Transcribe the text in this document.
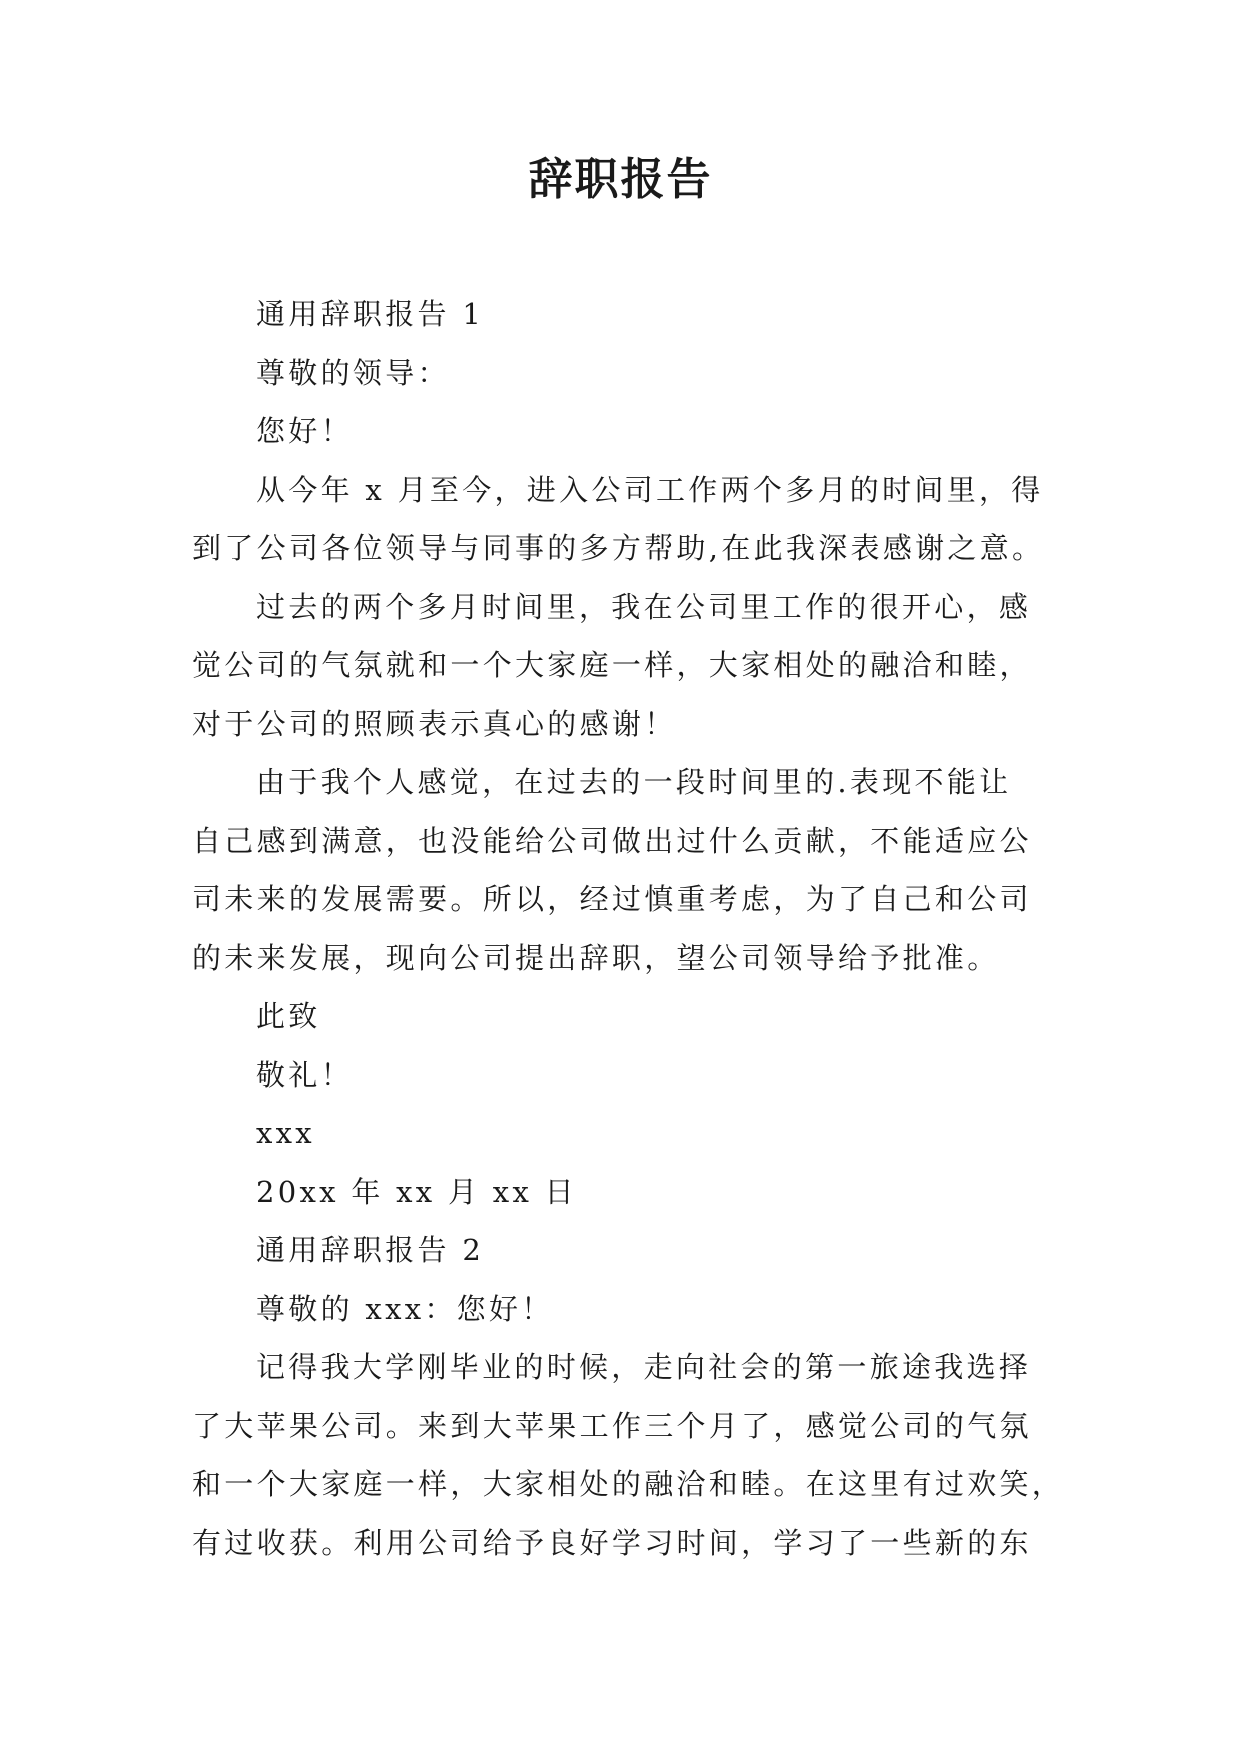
辞职报告

通用辞职报告 1

尊敬的领导：

您好！

从今年 x 月至今，进入公司工作两个多月的时间里，得
到了公司各位领导与同事的多方帮助,在此我深表感谢之意。

过去的两个多月时间里，我在公司里工作的很开心，感
觉公司的气氛就和一个大家庭一样，大家相处的融洽和睦，
对于公司的照顾表示真心的感谢！

由于我个人感觉，在过去的一段时间里的.表现不能让
自己感到满意，也没能给公司做出过什么贡献，不能适应公
司未来的发展需要。所以，经过慎重考虑，为了自己和公司
的未来发展，现向公司提出辞职，望公司领导给予批准。

此致

敬礼！

xxx

20xx 年 xx 月 xx 日

通用辞职报告 2

尊敬的 xxx：您好！

记得我大学刚毕业的时候，走向社会的第一旅途我选择
了大苹果公司。来到大苹果工作三个月了，感觉公司的气氛
和一个大家庭一样，大家相处的融洽和睦。在这里有过欢笑，
有过收获。利用公司给予良好学习时间，学习了一些新的东
